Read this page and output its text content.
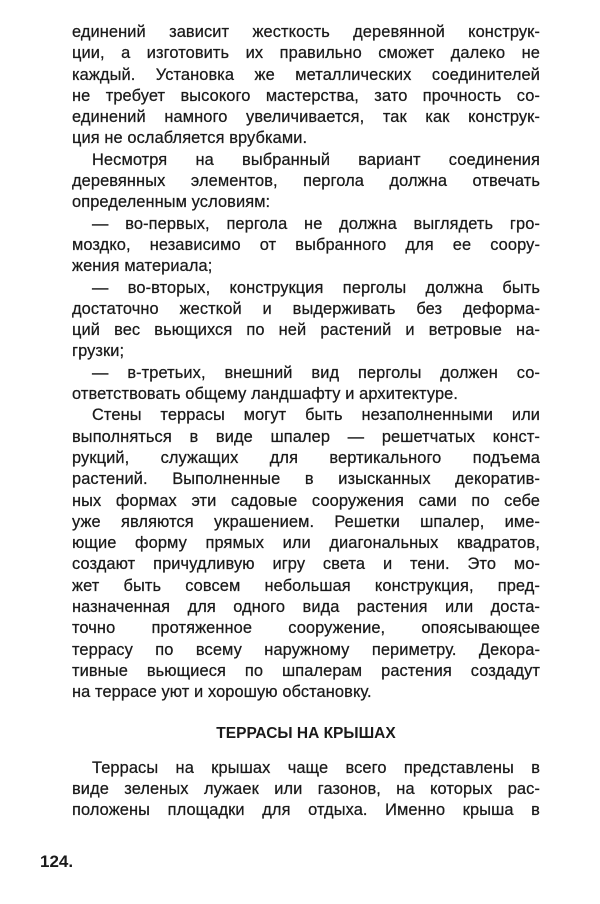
единений зависит жесткость деревянной конструк-
ции, а изготовить их правильно сможет далеко не
каждый. Установка же металлических соединителей
не требует высокого мастерства, зато прочность со-
единений намного увеличивается, так как конструк-
ция не ослабляется врубками.
Несмотря на выбранный вариант соединения
деревянных элементов, пергола должна отвечать
определенным условиям:
— во-первых, пергола не должна выглядеть гро-
моздко, независимо от выбранного для ее соору-
жения материала;
— во-вторых, конструкция перголы должна быть
достаточно жесткой и выдерживать без деформа-
ций вес вьющихся по ней растений и ветровые на-
грузки;
— в-третьих, внешний вид перголы должен со-
ответствовать общему ландшафту и архитектуре.
Стены террасы могут быть незаполненными или
выполняться в виде шпалер — решетчатых конст-
рукций, служащих для вертикального подъема
растений. Выполненные в изысканных декоратив-
ных формах эти садовые сооружения сами по себе
уже являются украшением. Решетки шпалер, име-
ющие форму прямых или диагональных квадратов,
создают причудливую игру света и тени. Это мо-
жет быть совсем небольшая конструкция, пред-
назначенная для одного вида растения или доста-
точно протяженное сооружение, опоясывающее
террасу по всему наружному периметру. Декора-
тивные вьющиеся по шпалерам растения создадут
на террасе уют и хорошую обстановку.
ТЕРРАСЫ НА КРЫШАХ
Террасы на крышах чаще всего представлены в
виде зеленых лужаек или газонов, на которых рас-
положены площадки для отдыха. Именно крыша в
124.
